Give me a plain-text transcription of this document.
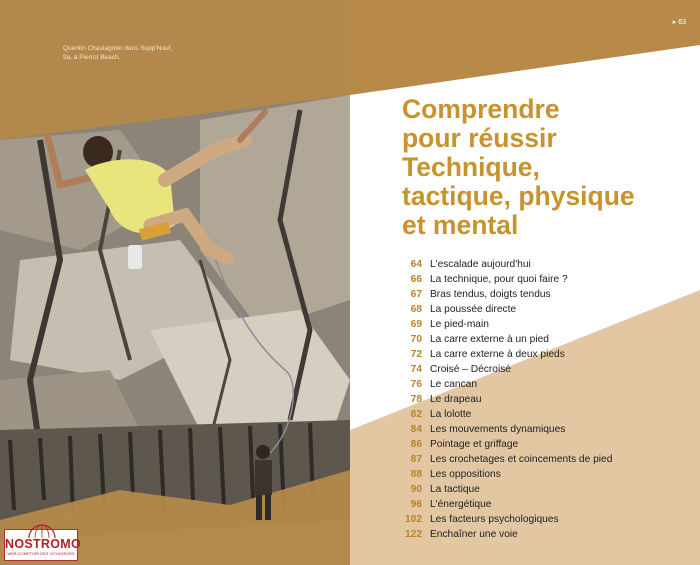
Quentin Chastagnier dans Supp'Nouf, 9a, à Pierrot Beach.
NOSTROMO
WEB COMPTOIR DES VOYAGEURS
▸ 63
Comprendre
pour réussir
Technique,
tactique, physique
et mental
64 L'escalade aujourd'hui
66 La technique, pour quoi faire ?
67 Bras tendus, doigts tendus
68 La poussée directe
69 Le pied-main
70 La carre externe à un pied
72 La carre externe à deux pieds
74 Croisé – Décroisé
76 Le cancan
78 Le drapeau
82 La lolotte
84 Les mouvements dynamiques
86 Pointage et griffage
87 Les crochetages et coincements de pied
88 Les oppositions
90 La tactique
96 L'énergétique
102 Les facteurs psychologiques
122 Enchaîner une voie
